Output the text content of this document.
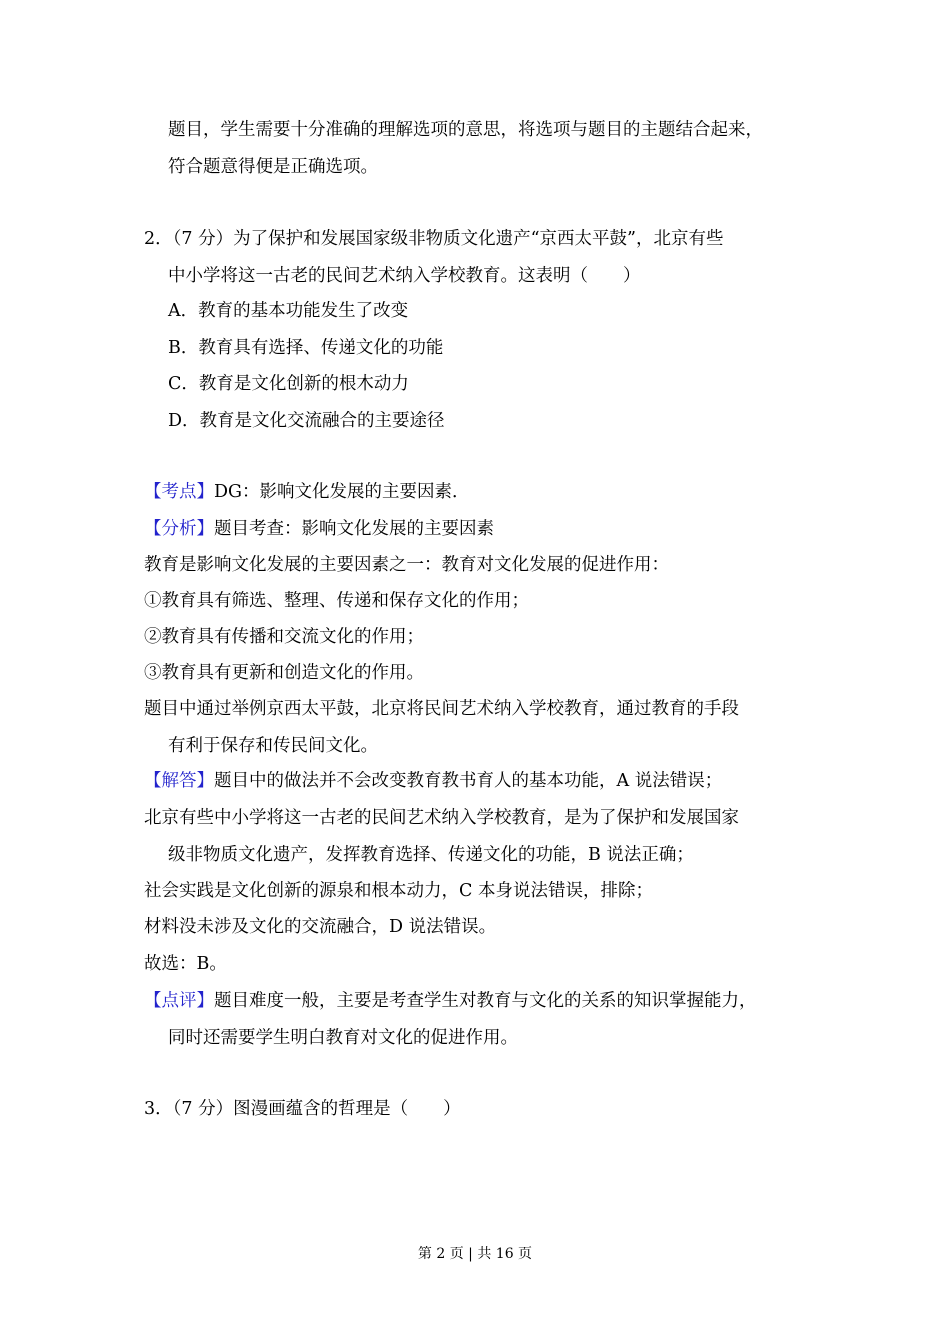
题目，学生需要十分准确的理解选项的意思，将选项与题目的主题结合起来，
符合题意得便是正确选项。
2．（7 分）为了保护和发展国家级非物质文化遗产“京西太平鼓”，北京有些
中小学将这一古老的民间艺术纳入学校教育。这表明（　　）
A．教育的基本功能发生了改变
B．教育具有选择、传递文化的功能
C．教育是文化创新的根木动力
D．教育是文化交流融合的主要途径
【考点】DG：影响文化发展的主要因素．
【分析】题目考查：影响文化发展的主要因素
教育是影响文化发展的主要因素之一：教育对文化发展的促进作用：
①教育具有筛选、整理、传递和保存文化的作用；
②教育具有传播和交流文化的作用；
③教育具有更新和创造文化的作用。
题目中通过举例京西太平鼓，北京将民间艺术纳入学校教育，通过教育的手段
有利于保存和传民间文化。
【解答】题目中的做法并不会改变教育教书育人的基本功能，A 说法错误；
北京有些中小学将这一古老的民间艺术纳入学校教育，是为了保护和发展国家
级非物质文化遗产，发挥教育选择、传递文化的功能，B 说法正确；
社会实践是文化创新的源泉和根本动力，C 本身说法错误，排除；
材料没未涉及文化的交流融合，D 说法错误。
故选：B。
【点评】题目难度一般，主要是考查学生对教育与文化的关系的知识掌握能力，
同时还需要学生明白教育对文化的促进作用。
3．（7 分）图漫画蕴含的哲理是（　　）
第 2 页 | 共 16 页
